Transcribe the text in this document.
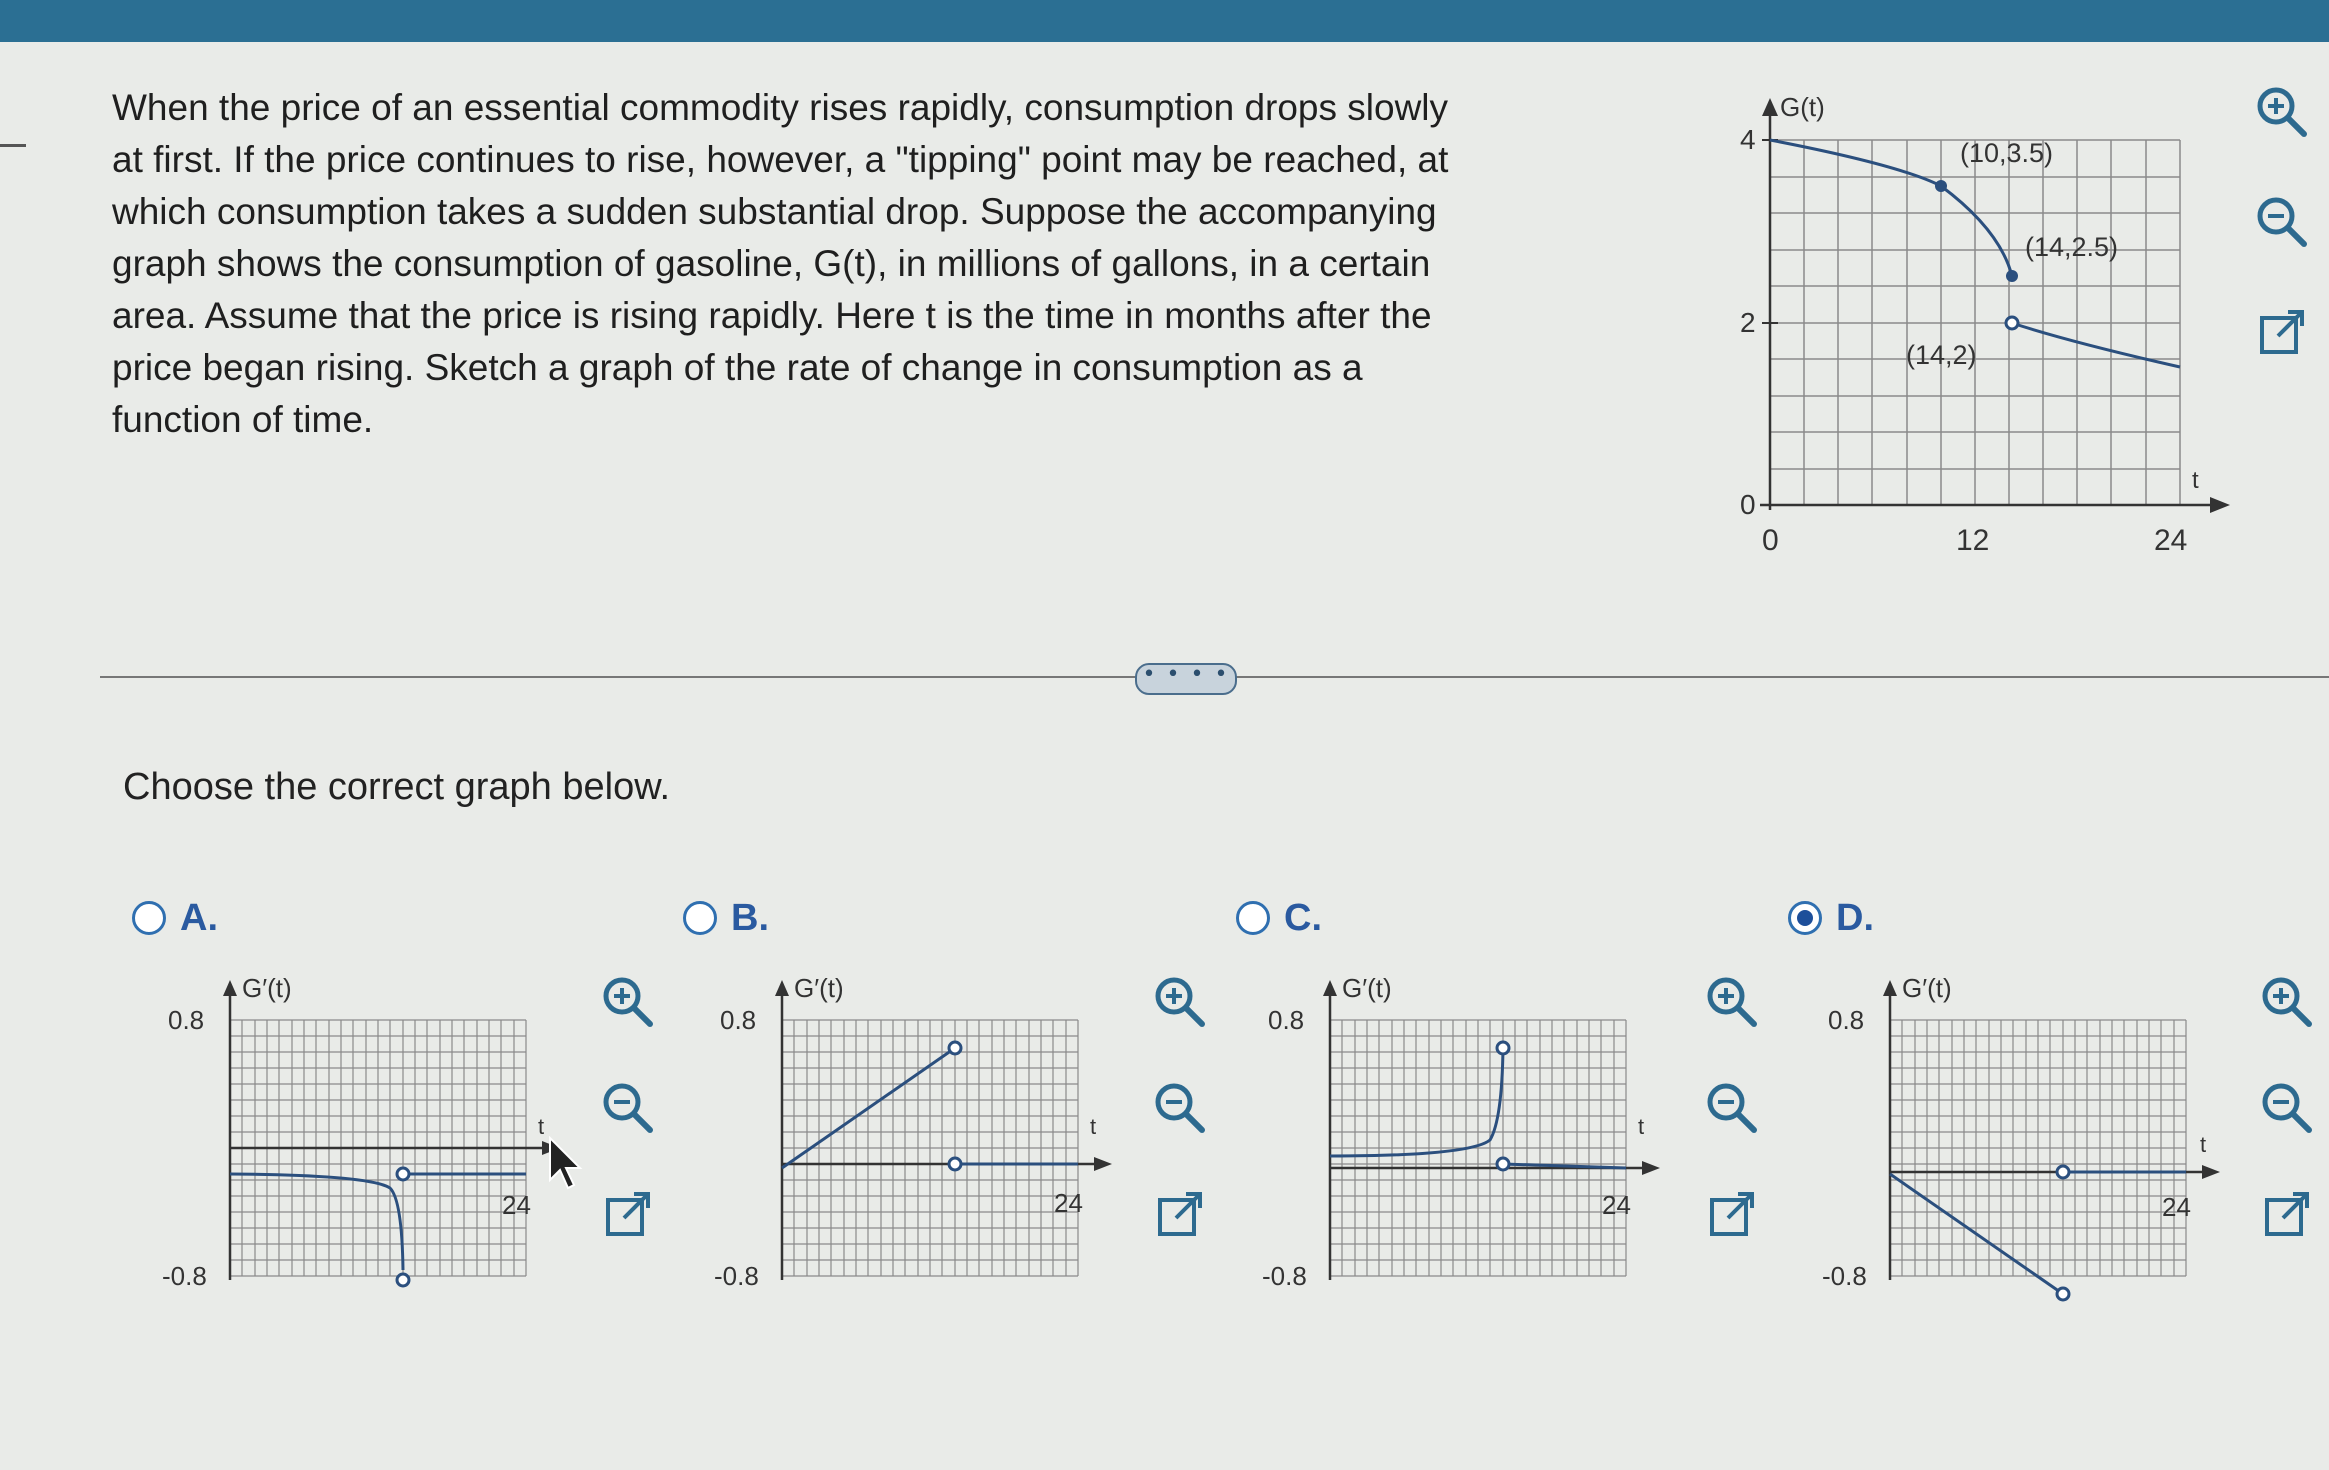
When the price of an essential commodity rises rapidly, consumption drops slowly
at first. If the price continues to rise, however, a "tipping" point may be reached, at
which consumption takes a sudden substantial drop. Suppose the accompanying
graph shows the consumption of gasoline, G(t), in millions of gallons, in a certain
area. Assume that the price is rising rapidly. Here t is the time in months after the
price began rising. Sketch a graph of the rate of change in consumption as a
function of time.
G(t)
t
4
2
0
0	12	24
(10,3.5)
(14,2.5)
(14,2)
• • • •
Choose the correct graph below.
A.
G′(t)
0.8
-0.8
t
24
B.
G′(t)
0.8
-0.8
t
24
C.
G′(t)
0.8
-0.8
t
24
D.
G′(t)
0.8
-0.8
t
24
